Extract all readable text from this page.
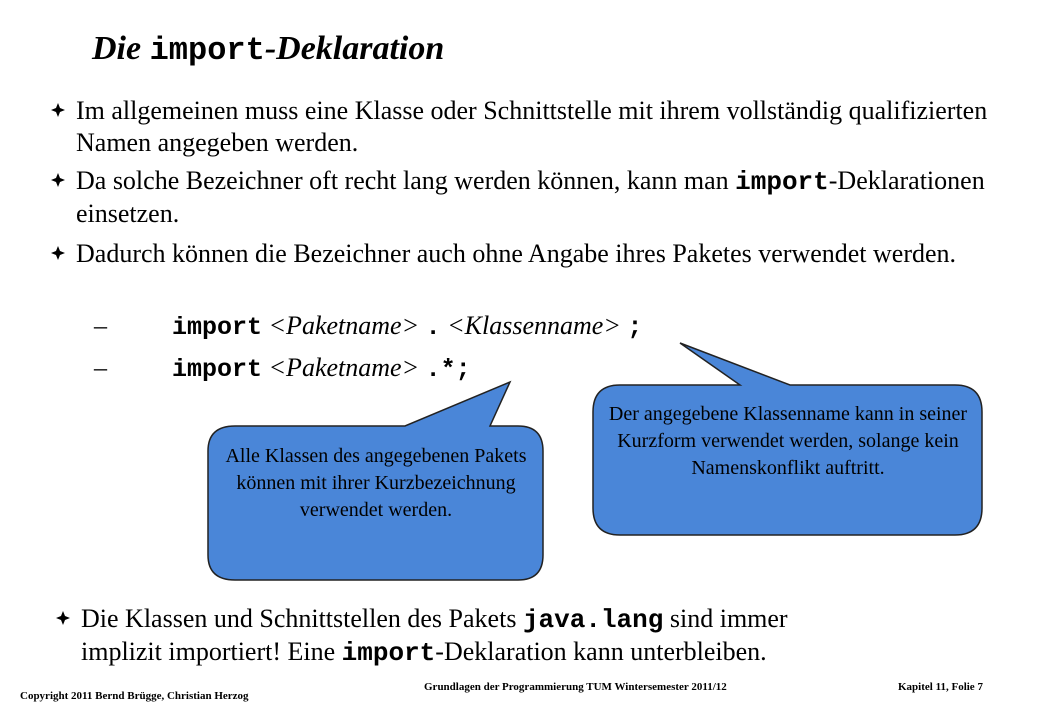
Die import-Deklaration
Im allgemeinen muss eine Klasse oder Schnittstelle mit ihrem vollständig qualifizierten Namen angegeben werden.
Da solche Bezeichner oft recht lang werden können, kann man import-Deklarationen einsetzen.
Dadurch können die Bezeichner auch ohne Angabe ihres Paketes verwendet werden.
–	import <Paketname> . <Klassenname> ;
–	import <Paketname> .*;
Alle Klassen des angegebenen Pakets können mit ihrer Kurzbezeichnung verwendet werden.
Der angegebene Klassenname kann in seiner Kurzform verwendet werden, solange kein Namenskonflikt auftritt.
Die Klassen und Schnittstellen des Pakets java.lang sind immer
implizit importiert! Eine import-Deklaration kann unterbleiben.
Copyright 2011 Bernd Brügge, Christian Herzog
Grundlagen der Programmierung TUM Wintersemester 2011/12	Kapitel 11, Folie 7
